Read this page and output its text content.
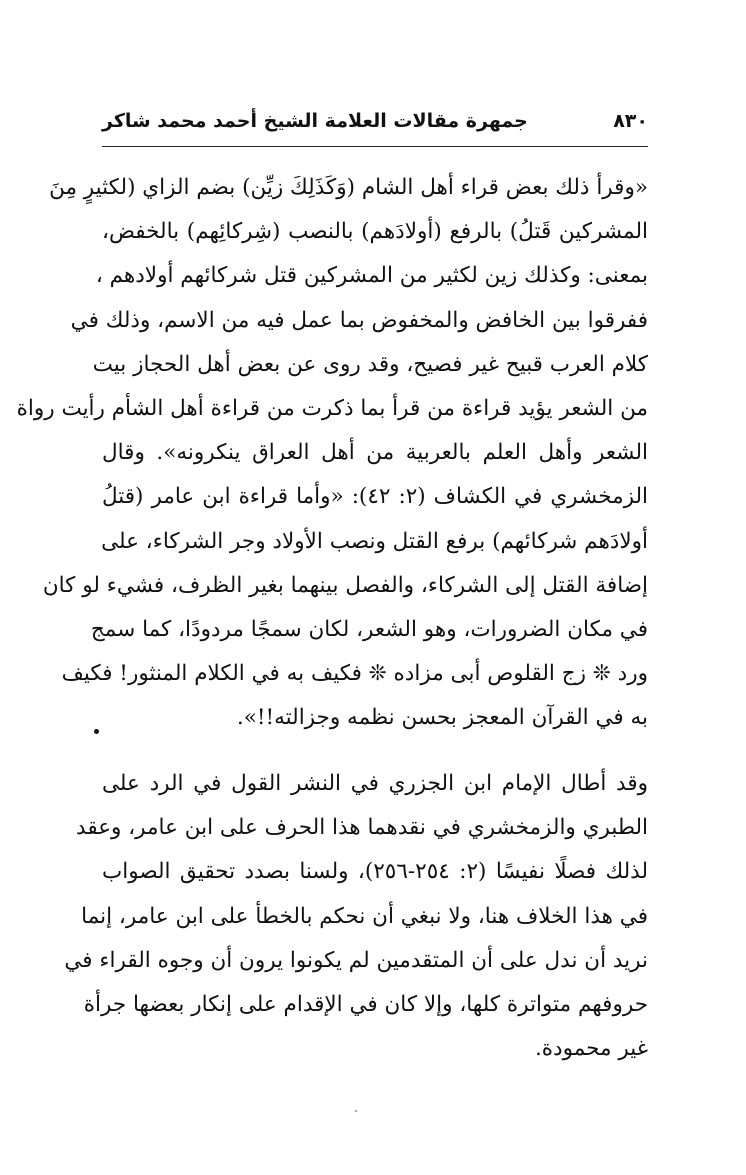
٨٣٠
جمهرة مقالات العلامة الشيخ أحمد محمد شاكر
«وقرأ ذلك بعض قراء أهل الشام (وَكَذَلِكَ زيِّن) بضم الزاي (لكثيرٍ مِنَ
المشركين قَتلُ) بالرفع (أولادَهم) بالنصب (شِركائِهم) بالخفض،
بمعنى: وكذلك زين لكثير من المشركين قتل شركائهم أولادهم ،
ففرقوا بين الخافض والمخفوض بما عمل فيه من الاسم، وذلك في
كلام العرب قبيح غير فصيح، وقد روى عن بعض أهل الحجاز بيت
من الشعر يؤيد قراءة من قرأ بما ذكرت من قراءة أهل الشأم رأيت رواة
الشعر وأهل العلم بالعربية من أهل العراق ينكرونه». وقال
الزمخشري في الكشاف (٢: ٤٢): «وأما قراءة ابن عامر (قتلُ
أولادَهم شركائهم) برفع القتل ونصب الأولاد وجر الشركاء، على
إضافة القتل إلى الشركاء، والفصل بينهما بغير الظرف، فشيء لو كان
في مكان الضرورات، وهو الشعر، لكان سمجًا مردودًا، كما سمج
ورد ❊ زج القلوص أبى مزاده ❊ فكيف به في الكلام المنثور! فكيف
به في القرآن المعجز بحسن نظمه وجزالته!!».
وقد أطال الإمام ابن الجزري في النشر القول في الرد على
الطبري والزمخشري في نقدهما هذا الحرف على ابن عامر، وعقد
لذلك فصلًا نفيسًا (٢: ٢٥٤-٢٥٦)، ولسنا بصدد تحقيق الصواب
في هذا الخلاف هنا، ولا نبغي أن نحكم بالخطأ على ابن عامر، إنما
نريد أن ندل على أن المتقدمين لم يكونوا يرون أن وجوه القراء في
حروفهم متواترة كلها، وإلا كان في الإقدام على إنكار بعضها جرأة
غير محمودة.
